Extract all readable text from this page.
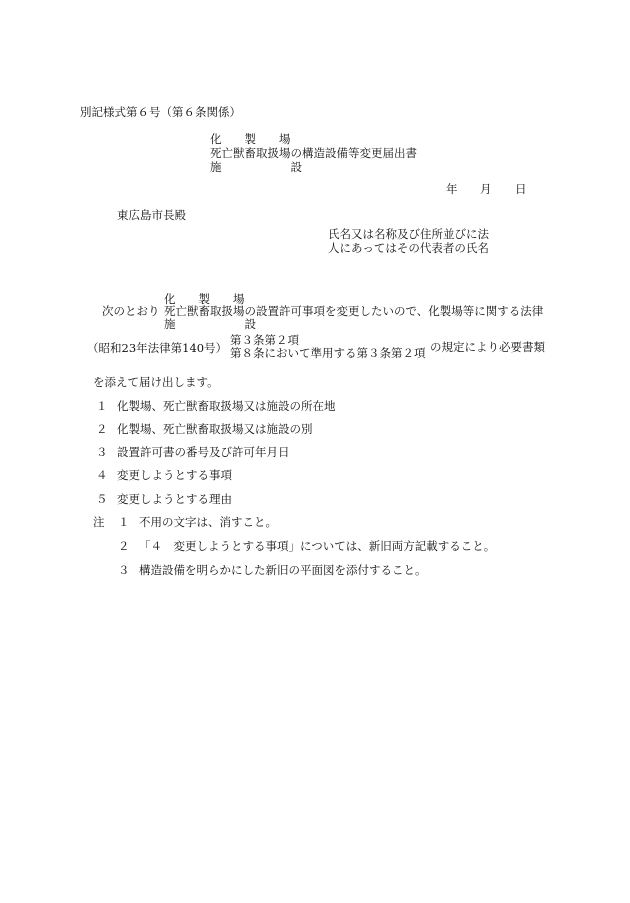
別記様式第６号（第６条関係）
化　　製　　場
死亡獣畜取扱場の構造設備等変更届出書
施　　　　　　設
年 月 日
東広島市長殿
氏名又は名称及び住所並びに法
人にあってはその代表者の氏名
化　　製　　場
次のとおり 死亡獣畜取扱場の設置許可事項を変更したいので、化製場等に関する法律
施　　　　　　設
（昭和23年法律第140号）
第３条第２項
第８条において準用する第３条第２項 の規定により必要書類
を添えて届け出します。
１ 化製場、死亡獣畜取扱場又は施設の所在地
２ 化製場、死亡獣畜取扱場又は施設の別
３ 設置許可書の番号及び許可年月日
４ 変更しようとする事項
５ 変更しようとする理由
注 １ 不用の文字は、消すこと。
２ 「４　変更しようとする事項」については、新旧両方記載すること。
３ 構造設備を明らかにした新旧の平面図を添付すること。
